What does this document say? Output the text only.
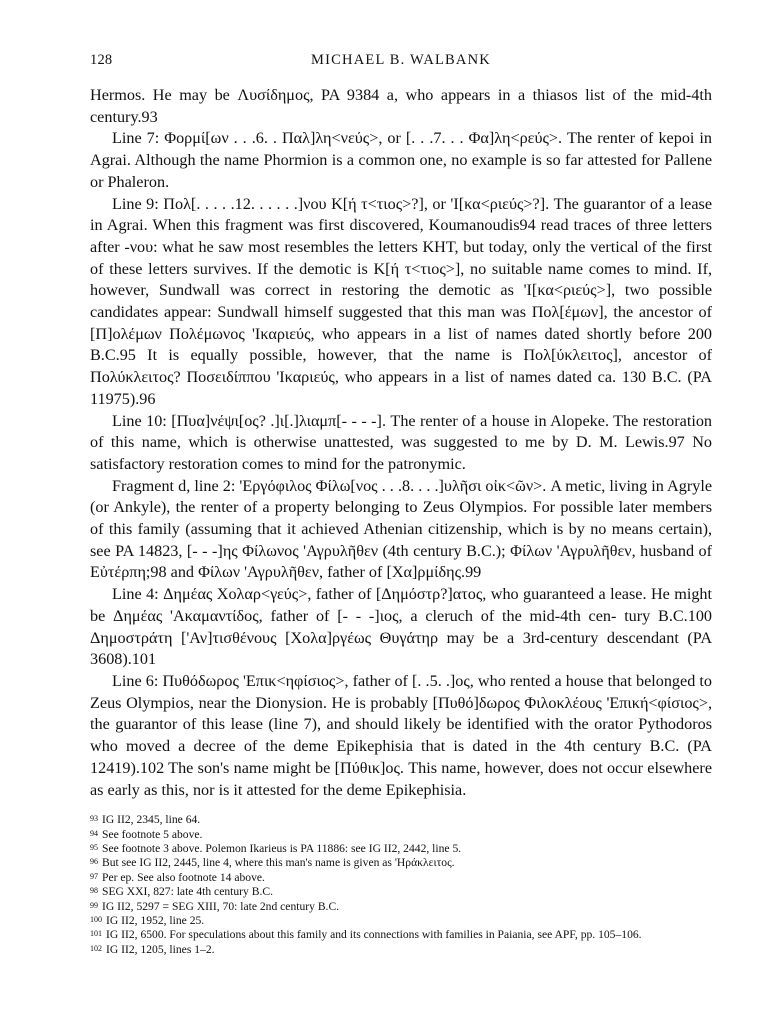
128	MICHAEL B. WALBANK

Hermos. He may be Λυσίδημος, PA 9384 a, who appears in a thiasos list of the mid-4th century.93

Line 7: Φορμί[ων . . .6. . Παλ]λη<νεύς>, or [. . .7. . . Φα]λη<ρεύς>. The renter of kepoi in Agrai. Although the name Phormion is a common one, no example is so far attested for Pallene or Phaleron.

Line 9: Πολ[. . . . .12. . . . . .]νου Κ[ή τ<τιος>?], or 'Ι[κα<ριεύς>?]. The guarantor of a lease in Agrai. When this fragment was first discovered, Koumanoudis94 read traces of three letters after -νου: what he saw most resembles the letters KHT, but today, only the vertical of the first of these letters survives. If the demotic is Κ[ή τ<τιος>], no suitable name comes to mind. If, however, Sundwall was correct in restoring the demotic as 'Ι[κα<ριεύς>], two possible candidates appear: Sundwall himself suggested that this man was Πολ[έμων], the ancestor of [Π]ολέμων Πολέμωνος 'Ικαριεύς, who appears in a list of names dated shortly before 200 B.C.95 It is equally possible, however, that the name is Πολ[ύκλειτος], ancestor of Πολύκλειτος? Ποσειδίππου 'Ικαριεύς, who appears in a list of names dated ca. 130 B.C. (PA 11975).96

Line 10: [Πυα]νέψι[ος? .]ι[.]λιαμπ[- - - -]. The renter of a house in Alopeke. The restoration of this name, which is otherwise unattested, was suggested to me by D. M. Lewis.97 No satisfactory restoration comes to mind for the patronymic.

Fragment d, line 2: 'Εργόφιλος Φίλω[νος . . .8. . . .]υλῆσι οἰκ<ῶν>. A metic, living in Agryle (or Ankyle), the renter of a property belonging to Zeus Olympios. For possible later members of this family (assuming that it achieved Athenian citizenship, which is by no means certain), see PA 14823, [- - -]ης Φίλωνος 'Αγρυλῆθεν (4th century B.C.); Φίλων 'Αγρυλῆθεν, husband of Εὐτέρπη;98 and Φίλων 'Αγρυλῆθεν, father of [Χα]ρμίδης.99

Line 4: Δημέας Χολαρ<γεύς>, father of [Δημόστρ?]ατος, who guaranteed a lease. He might be Δημέας 'Ακαμαντίδος, father of [- - -]ιος, a cleruch of the mid-4th cen- tury B.C.100 Δημοστράτη ['Αν]τισθένους [Χολα]ργέως Θυγάτηρ may be a 3rd-century descendant (PA 3608).101

Line 6: Πυθόδωρος 'Επικ<ηφίσιος>, father of [. .5. .]ος, who rented a house that belonged to Zeus Olympios, near the Dionysion. He is probably [Πυθό]δωρος Φιλοκλέους 'Επική<φίσιος>, the guarantor of this lease (line 7), and should likely be identified with the orator Pythodoros who moved a decree of the deme Epikephisia that is dated in the 4th century B.C. (PA 12419).102 The son's name might be [Πύθικ]ος. This name, however, does not occur elsewhere as early as this, nor is it attested for the deme Epikephisia.

$^{93}$ IG II2, 2345, line 64.
$^{94}$ See footnote 5 above.
$^{95}$ See footnote 3 above. Polemon Ikarieus is PA 11886: see IG II2, 2442, line 5.
$^{96}$ But see IG II2, 2445, line 4, where this man's name is given as 'Ηράκλειτος.
$^{97}$ Per ep. See also footnote 14 above.
$^{98}$ SEG XXI, 827: late 4th century B.C.
$^{99}$ IG II2, 5297 = SEG XIII, 70: late 2nd century B.C.
$^{100}$ IG II2, 1952, line 25.
$^{101}$ IG II2, 6500. For speculations about this family and its connections with families in Paiania, see APF, pp. 105–106.
$^{102}$ IG II2, 1205, lines 1–2.
